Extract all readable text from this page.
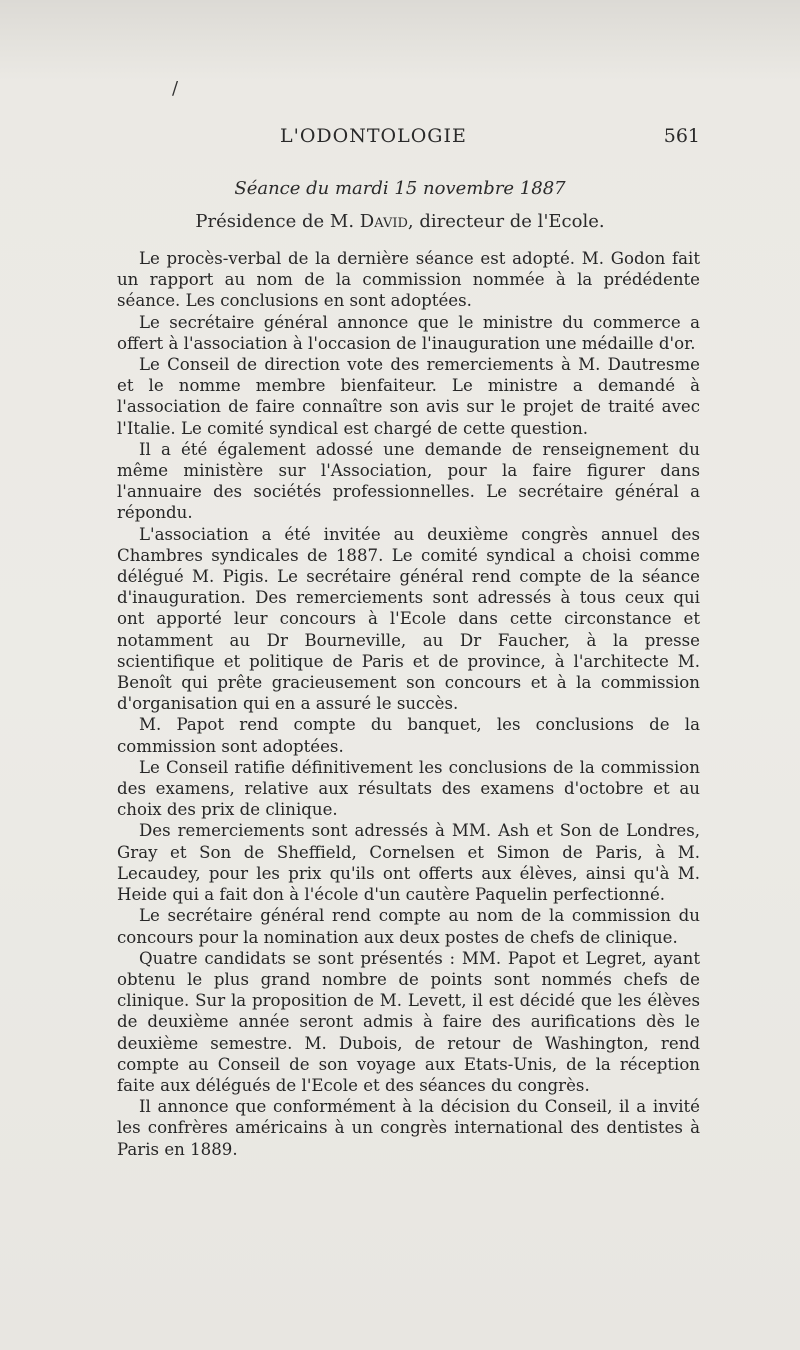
/
L'ODONTOLOGIE	561
Séance du mardi 15 novembre 1887
Présidence de M. David, directeur de l'Ecole.

Le procès-verbal de la dernière séance est adopté. M. Godon fait un rapport au nom de la commission nommée à la prédédente séance. Les conclusions en sont adoptées.

Le secrétaire général annonce que le ministre du commerce a offert à l'association à l'occasion de l'inauguration une médaille d'or.

Le Conseil de direction vote des remerciements à M. Dautresme et le nomme membre bienfaiteur. Le ministre a demandé à l'association de faire connaître son avis sur le projet de traité avec l'Italie. Le comité syndical est chargé de cette question.

Il a été également adossé une demande de renseignement du même ministère sur l'Association, pour la faire figurer dans l'annuaire des sociétés professionnelles. Le secrétaire général a répondu.

L'association a été invitée au deuxième congrès annuel des Chambres syndicales de 1887. Le comité syndical a choisi comme délégué M. Pigis. Le secrétaire général rend compte de la séance d'inauguration. Des remerciements sont adressés à tous ceux qui ont apporté leur concours à l'Ecole dans cette circonstance et notamment au Dr Bourneville, au Dr Faucher, à la presse scientifique et politique de Paris et de province, à l'architecte M. Benoît qui prête gracieusement son concours et à la commission d'organisation qui en a assuré le succès.

M. Papot rend compte du banquet, les conclusions de la commission sont adoptées.

Le Conseil ratifie définitivement les conclusions de la commission des examens, relative aux résultats des examens d'octobre et au choix des prix de clinique.

Des remerciements sont adressés à MM. Ash et Son de Londres, Gray et Son de Sheffield, Cornelsen et Simon de Paris, à M. Lecaudey, pour les prix qu'ils ont offerts aux élèves, ainsi qu'à M. Heide qui a fait don à l'école d'un cautère Paquelin perfectionné.

Le secrétaire général rend compte au nom de la commission du concours pour la nomination aux deux postes de chefs de clinique.

Quatre candidats se sont présentés : MM. Papot et Legret, ayant obtenu le plus grand nombre de points sont nommés chefs de clinique. Sur la proposition de M. Levett, il est décidé que les élèves de deuxième année seront admis à faire des aurifications dès le deuxième semestre. M. Dubois, de retour de Washington, rend compte au Conseil de son voyage aux Etats-Unis, de la réception faite aux délégués de l'Ecole et des séances du congrès.

Il annonce que conformément à la décision du Conseil, il a invité les confrères américains à un congrès international des dentistes à Paris en 1889.
